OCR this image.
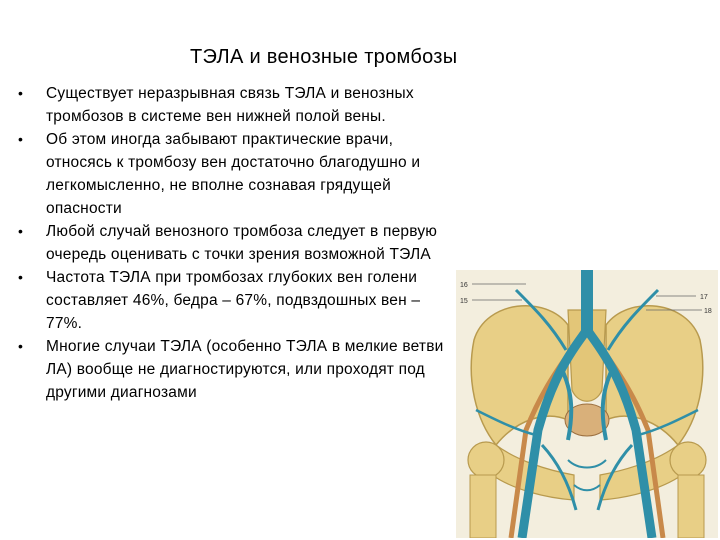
ТЭЛА и венозные тромбозы
• Существует неразрывная связь ТЭЛА и венозных тромбозов в системе вен нижней полой вены.
• Об этом иногда забывают практические врачи, относясь к тромбозу вен достаточно благодушно и легкомысленно, не вполне сознавая грядущей опасности
• Любой случай венозного тромбоза следует в первую очередь оценивать с точки зрения возможной ТЭЛА
• Частота ТЭЛА при тромбозах глубоких вен голени составляет 46%, бедра – 67%, подвздошных вен – 77%.
• Многие случаи ТЭЛА (особенно ТЭЛА в мелкие ветви ЛА) вообще не диагностируются, или проходят под другими диагнозами
16
15
17
18
